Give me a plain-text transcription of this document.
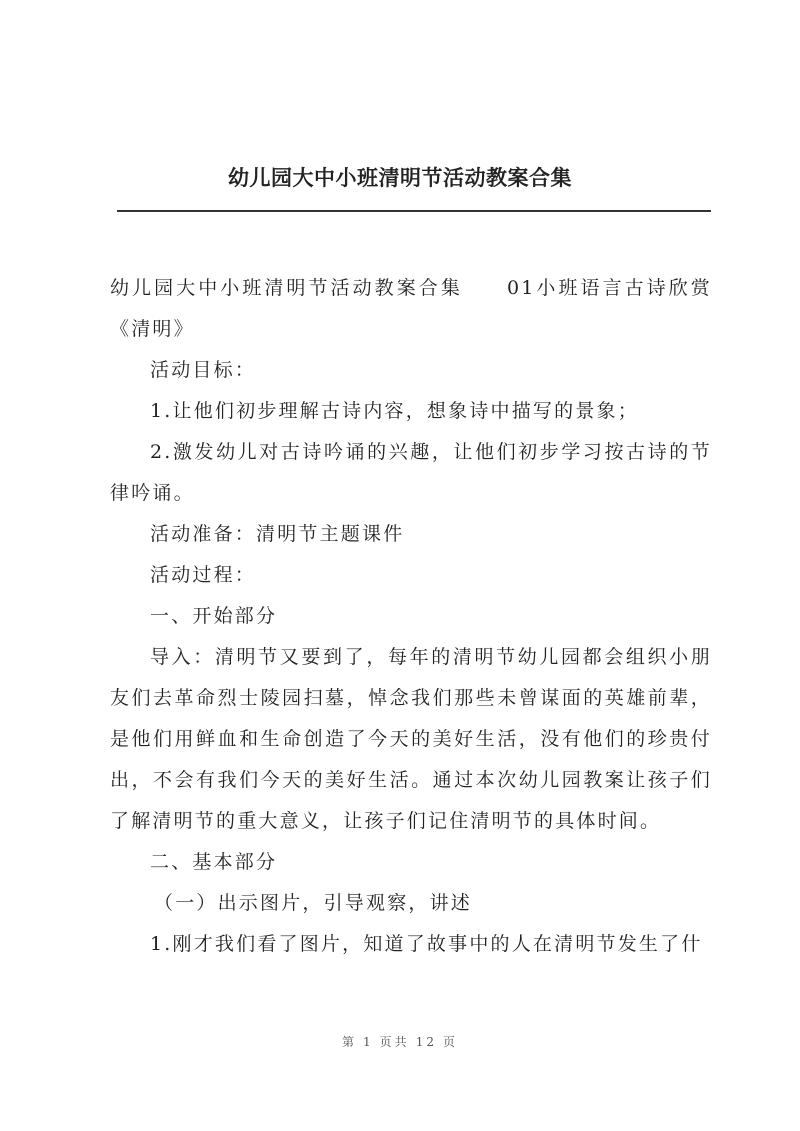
幼儿园大中小班清明节活动教案合集

幼儿园大中小班清明节活动教案合集　　01小班语言古诗欣赏《清明》

活动目标：

1.让他们初步理解古诗内容，想象诗中描写的景象；

2.激发幼儿对古诗吟诵的兴趣，让他们初步学习按古诗的节律吟诵。

活动准备：清明节主题课件

活动过程：

一、开始部分

导入：清明节又要到了，每年的清明节幼儿园都会组织小朋友们去革命烈士陵园扫墓，悼念我们那些未曾谋面的英雄前辈，是他们用鲜血和生命创造了今天的美好生活，没有他们的珍贵付出，不会有我们今天的美好生活。通过本次幼儿园教案让孩子们了解清明节的重大意义，让孩子们记住清明节的具体时间。

二、基本部分

（一）出示图片，引导观察，讲述

1.刚才我们看了图片，知道了故事中的人在清明节发生了什

第 1 页共 12 页
